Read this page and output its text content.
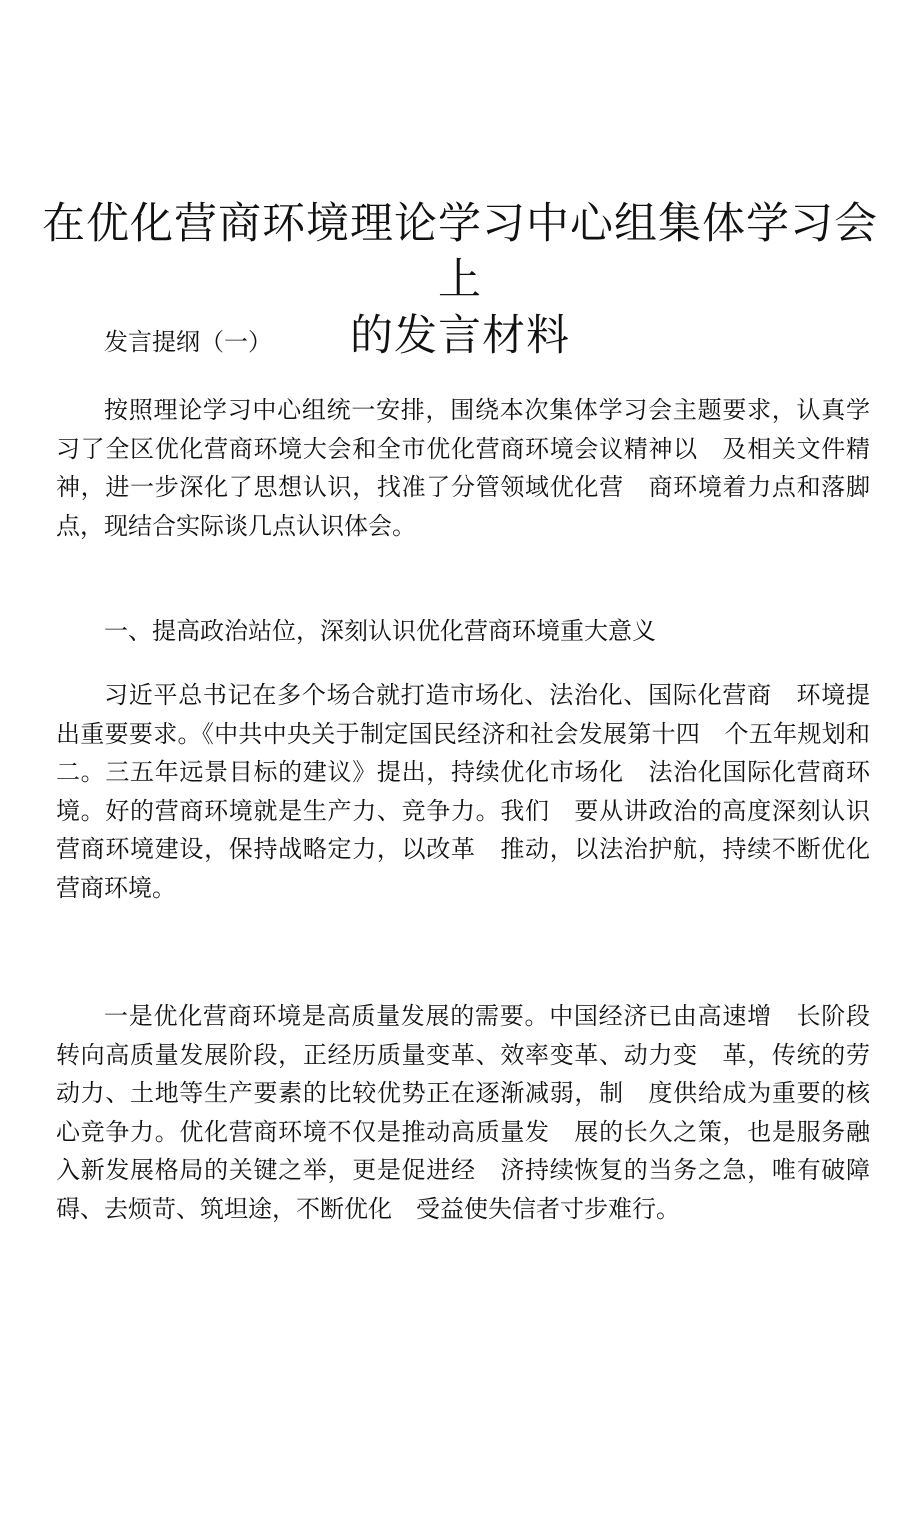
在优化营商环境理论学习中心组集体学习会上
的发言材料

发言提纲（一）

按照理论学习中心组统一安排，围绕本次集体学习会主题要求，认真学习了全区优化营商环境大会和全市优化营商环境会议精神以　及相关文件精神，进一步深化了思想认识，找准了分管领域优化营　商环境着力点和落脚点，现结合实际谈几点认识体会。

一、提高政治站位，深刻认识优化营商环境重大意义

习近平总书记在多个场合就打造市场化、法治化、国际化营商　环境提出重要要求。《中共中央关于制定国民经济和社会发展第十四　个五年规划和二。三五年远景目标的建议》提出，持续优化市场化　法治化国际化营商环境。好的营商环境就是生产力、竞争力。我们　要从讲政治的高度深刻认识营商环境建设，保持战略定力，以改革　推动，以法治护航，持续不断优化营商环境。

一是优化营商环境是高质量发展的需要。中国经济已由高速增　长阶段转向高质量发展阶段，正经历质量变革、效率变革、动力变　革，传统的劳动力、土地等生产要素的比较优势正在逐渐减弱，制　度供给成为重要的核心竞争力。优化营商环境不仅是推动高质量发　展的长久之策，也是服务融入新发展格局的关键之举，更是促进经　济持续恢复的当务之急，唯有破障碍、去烦苛、筑坦途，不断优化　受益使失信者寸步难行。
